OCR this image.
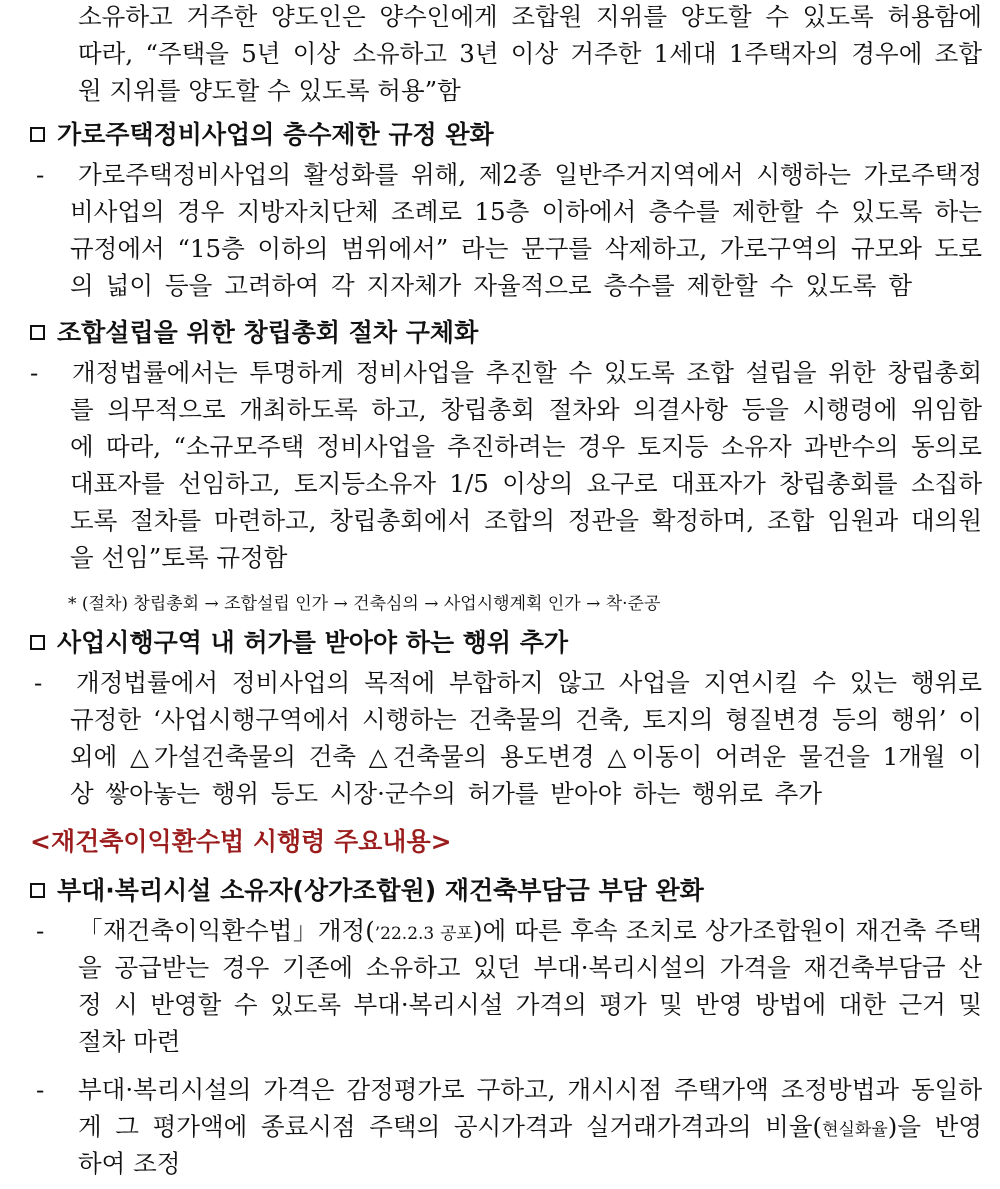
소유하고 거주한 양도인은 양수인에게 조합원 지위를 양도할 수 있도록 허용함에
따라, “주택을 5년 이상 소유하고 3년 이상 거주한 1세대 1주택자의 경우에 조합
원 지위를 양도할 수 있도록 허용”함
가로주택정비사업의 층수제한 규정 완화
- 가로주택정비사업의 활성화를 위해, 제2종 일반주거지역에서 시행하는 가로주택정
비사업의 경우 지방자치단체 조례로 15층 이하에서 층수를 제한할 수 있도록 하는
규정에서 “15층 이하의 범위에서” 라는 문구를 삭제하고, 가로구역의 규모와 도로
의 넓이 등을 고려하여 각 지자체가 자율적으로 층수를 제한할 수 있도록 함
조합설립을 위한 창립총회 절차 구체화
- 개정법률에서는 투명하게 정비사업을 추진할 수 있도록 조합 설립을 위한 창립총회
를 의무적으로 개최하도록 하고, 창립총회 절차와 의결사항 등을 시행령에 위임함
에 따라, “소규모주택 정비사업을 추진하려는 경우 토지등 소유자 과반수의 동의로
대표자를 선임하고, 토지등소유자 1/5 이상의 요구로 대표자가 창립총회를 소집하
도록 절차를 마련하고, 창립총회에서 조합의 정관을 확정하며, 조합 임원과 대의원
을 선임”토록 규정함
* (절차) 창립총회 → 조합설립 인가 → 건축심의 → 사업시행계획 인가 → 착·준공
사업시행구역 내 허가를 받아야 하는 행위 추가
- 개정법률에서 정비사업의 목적에 부합하지 않고 사업을 지연시킬 수 있는 행위로
규정한 ‘사업시행구역에서 시행하는 건축물의 건축, 토지의 형질변경 등의 행위’ 이
외에 △가설건축물의 건축 △건축물의 용도변경 △이동이 어려운 물건을 1개월 이
상 쌓아놓는 행위 등도 시장·군수의 허가를 받아야 하는 행위로 추가
<재건축이익환수법 시행령 주요내용>
부대·복리시설 소유자(상가조합원) 재건축부담금 부담 완화
- 「재건축이익환수법」개정(’22.2.3 공포)에 따른 후속 조치로 상가조합원이 재건축 주택
을 공급받는 경우 기존에 소유하고 있던 부대·복리시설의 가격을 재건축부담금 산
정 시 반영할 수 있도록 부대·복리시설 가격의 평가 및 반영 방법에 대한 근거 및
절차 마련
- 부대·복리시설의 가격은 감정평가로 구하고, 개시시점 주택가액 조정방법과 동일하
게 그 평가액에 종료시점 주택의 공시가격과 실거래가격과의 비율(현실화율)을 반영
하여 조정
